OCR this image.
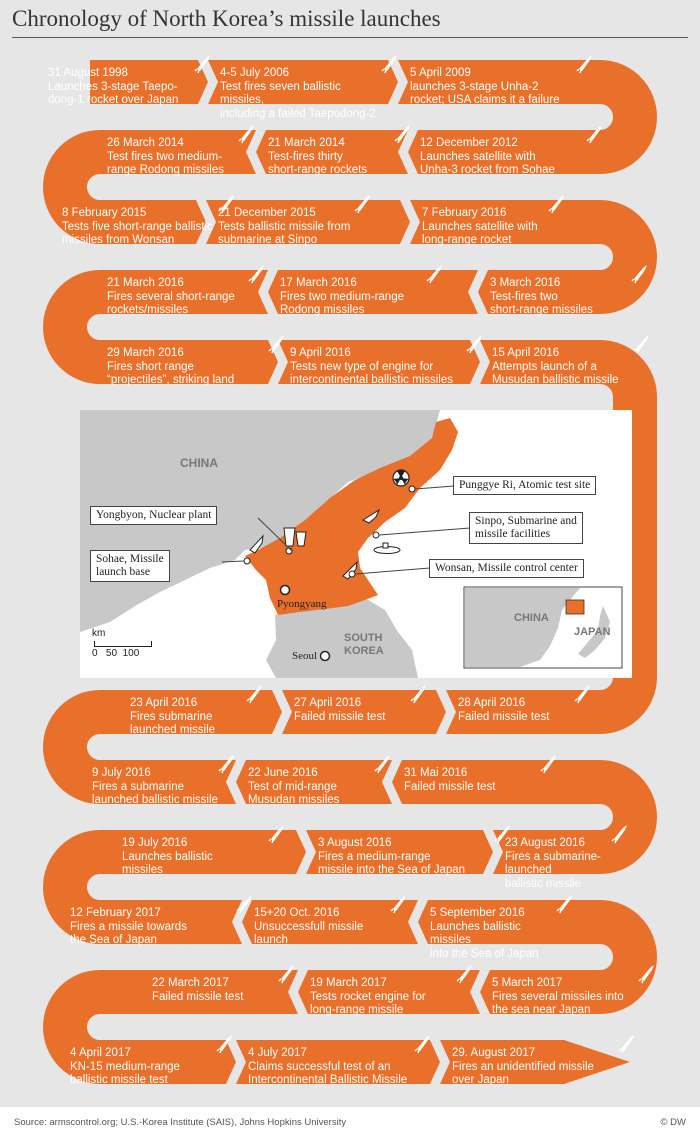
Chronology of North Korea’s missile launches
31 August 1998
Launches 3-stage Taepo-
dong-1 rocket over Japan
4-5 July 2006
Test fires seven ballistic missiles,
including a failed Taepodong-2
5 April 2009
launches 3-stage Unha-2
rocket; USA claims it a failure
12 December 2012
Launches satellite with
Unha-3 rocket from Sohae
21 March 2014
Test-fires thirty
short-range rockets
26 March 2014
Test fires two medium-
range Rodong missiles
8 February 2015
Tests five short-range ballistic
missiles from Wonsan
21 December 2015
Tests ballistic missile from
submarine at Sinpo
7 February 2016
Launches satellite with
long-range rocket
3 March 2016
Test-fires two
short-range missiles
17 March 2016
Fires two medium-range
Rodong missiles
21 March 2016
Fires several short-range
rockets/missiles
29 March 2016
Fires short range
“projectiles”, striking land
9 April 2016
Tests new type of engine for
intercontinental ballistic missiles
15 April 2016
Attempts launch of a
Musudan ballistic missile
23 April 2016
Fires submarine
launched missile
27 April 2016
Failed missile test
28 April 2016
Failed missile test
31 Mai 2016
Failed missile test
22 June 2016
Test of mid-range
Musudan missiles
9 July 2016
Fires a submarine
launched ballistic missile
19 July 2016
Launches ballistic
missiles
3 August 2016
Fires a medium-range
missile into the Sea of Japan
23 August 2016
Fires a submarine-launched
ballistic missile
5 September 2016
Launches ballistic missiles
into the Sea of Japan
15+20 Oct. 2016
Unsuccessfull missile
launch
12 February 2017
Fires a missile towards
the Sea of Japan
5 March 2017
Fires several missiles into
the sea near Japan
19 March 2017
Tests rocket engine for
long-range missile
22 March 2017
Failed missile test
4 April 2017
KN-15 medium-range
ballistic missile test
4 July 2017
Claims successful test of an
Intercontinental Ballistic Missile
29. August 2017
Fires an unidentified missile
over Japan
CHINA
SOUTH
KOREA
CHINA
JAPAN
Pyongyang
Seoul
Punggye Ri, Atomic test site
Yongbyon, Nuclear plant	Sinpo, Submarine and
missile facilities
Sohae, Missile
launch base	Wonsan, Missile control center
km
0   50  100
Source: armscontrol.org; U.S.-Korea Institute (SAIS), Johns Hopkins University	© DW
